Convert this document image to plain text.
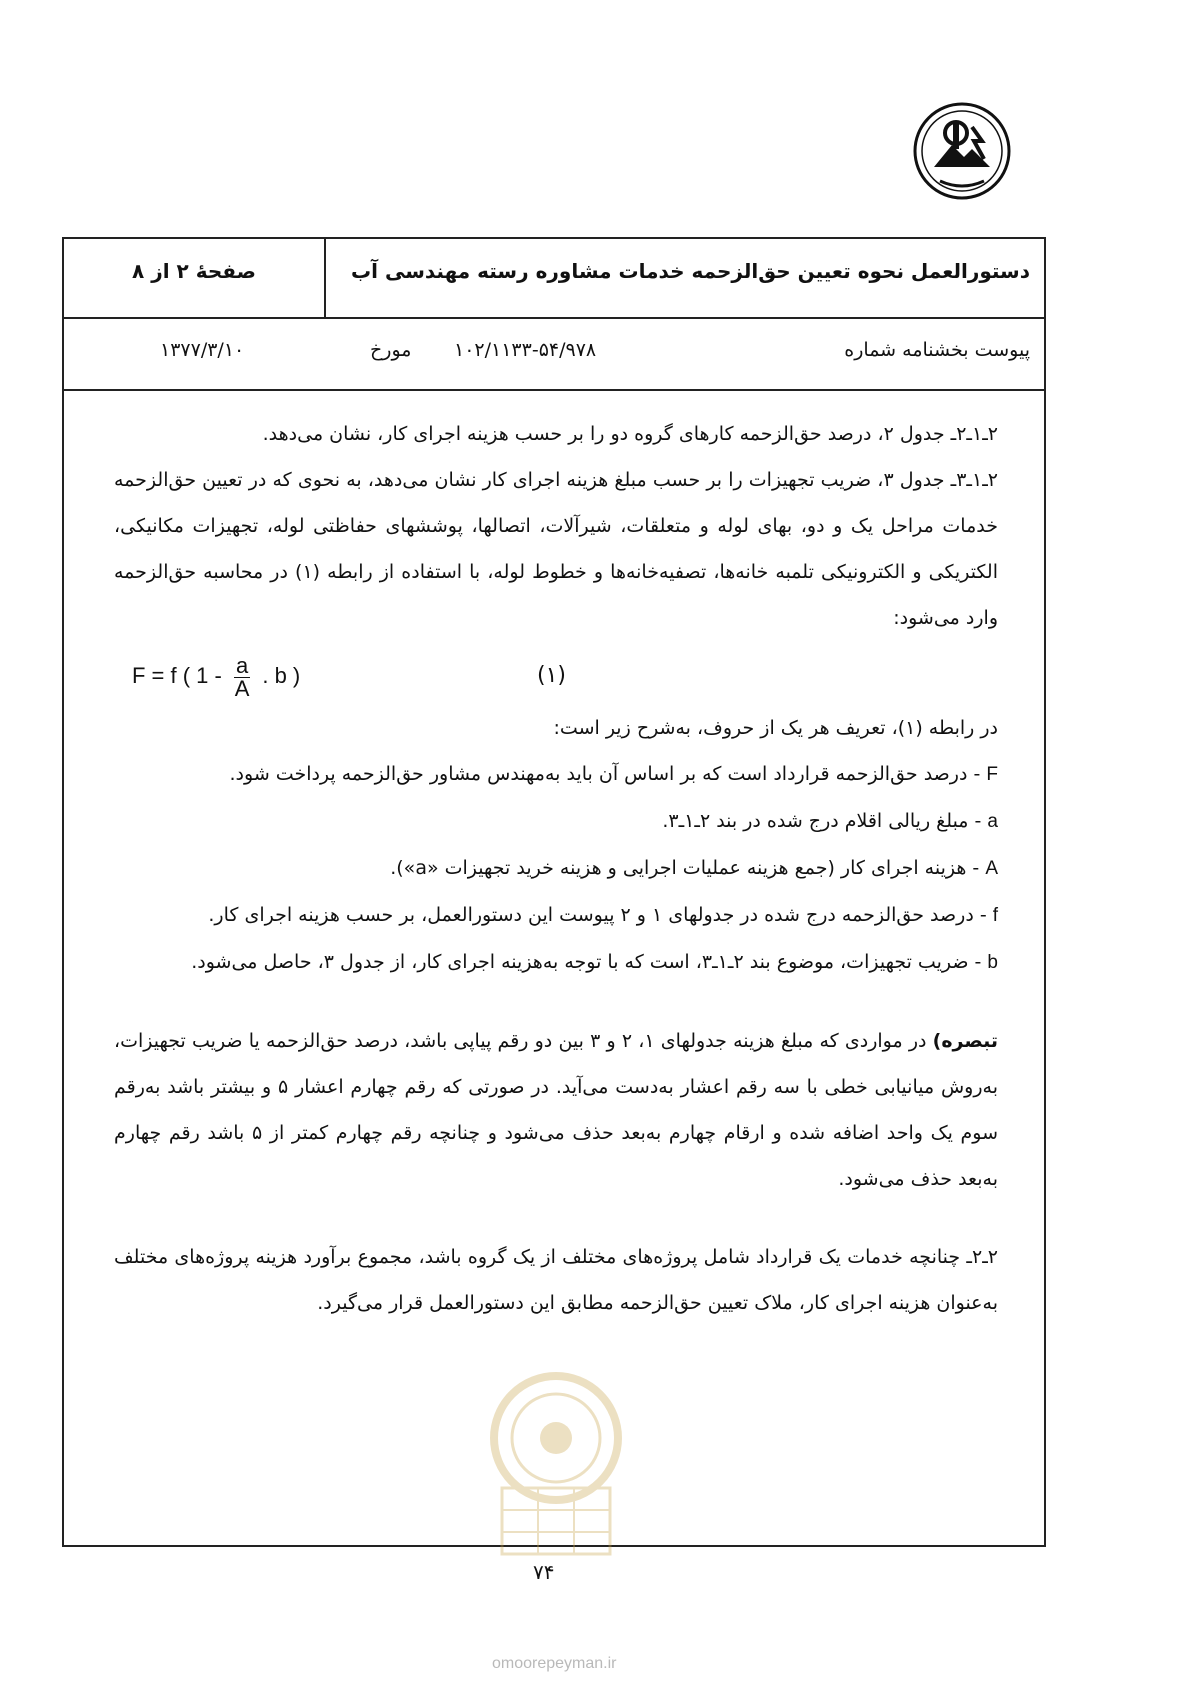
دستورالعمل نحوه تعیین حق‌الزحمه خدمات مشاوره رسته مهندسی آب
صفحهٔ ۲ از ۸
پیوست بخشنامه شماره
۱۰۲/۱۱۳۳-۵۴/۹۷۸
مورخ
۱۳۷۷/۳/۱۰

۲ـ۱ـ۲ـ جدول ۲، درصد حق‌الزحمه کارهای گروه دو را بر حسب هزینه اجرای کار، نشان می‌دهد.

۲ـ۱ـ۳ـ جدول ۳، ضریب تجهیزات را بر حسب مبلغ هزینه اجرای کار نشان می‌دهد، به نحوی که در تعیین حق‌الزحمه خدمات مراحل یک و دو، بهای لوله و متعلقات، شیرآلات، اتصالها، پوششهای حفاظتی لوله، تجهیزات مکانیکی، الکتریکی و الکترونیکی تلمبه خانه‌ها، تصفیه‌خانه‌ها و خطوط لوله، با استفاده از رابطه (۱) در محاسبه حق‌الزحمه وارد می‌شود:

F = f ( $1 - \frac{a}{A}$ . b )	(۱)

در رابطه (۱)، تعریف هر یک از حروف، به‌شرح زیر است:

F - درصد حق‌الزحمه قرارداد است که بر اساس آن باید به‌مهندس مشاور حق‌الزحمه پرداخت شود.

a - مبلغ ریالی اقلام درج شده در بند ۲ـ۱ـ۳.

A - هزینه اجرای کار (جمع هزینه عملیات اجرایی و هزینه خرید تجهیزات «a»).

f - درصد حق‌الزحمه درج شده در جدولهای ۱ و ۲ پیوست این دستورالعمل، بر حسب هزینه اجرای کار.

b - ضریب تجهیزات، موضوع بند ۲ـ۱ـ۳، است که با توجه به‌هزینه اجرای کار، از جدول ۳، حاصل می‌شود.

تبصره) در مواردی که مبلغ هزینه جدولهای ۱، ۲ و ۳ بین دو رقم پیاپی باشد، درصد حق‌الزحمه یا ضریب تجهیزات، به‌روش میانیابی خطی با سه رقم اعشار به‌دست می‌آید. در صورتی که رقم چهارم اعشار ۵ و بیشتر باشد به‌رقم سوم یک واحد اضافه شده و ارقام چهارم به‌بعد حذف می‌شود و چنانچه رقم چهارم کمتر از ۵ باشد رقم چهارم به‌بعد حذف می‌شود.

۲ـ۲ـ چنانچه خدمات یک قرارداد شامل پروژه‌های مختلف از یک گروه باشد، مجموع برآورد هزینه پروژه‌های مختلف به‌عنوان هزینه اجرای کار، ملاک تعیین حق‌الزحمه مطابق این دستورالعمل قرار می‌گیرد.

۷۴
omoorepeyman.ir
